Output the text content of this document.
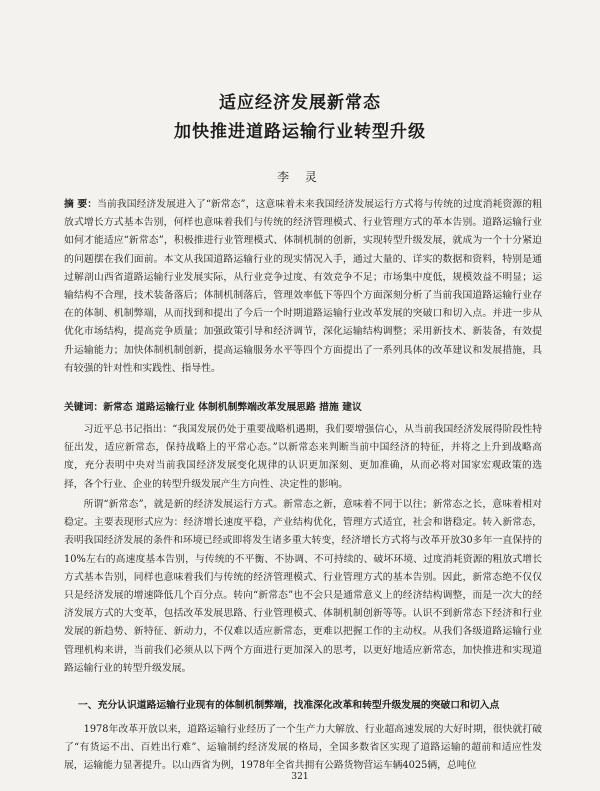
适应经济发展新常态
加快推进道路运输行业转型升级
李 灵
摘 要：当前我国经济发展进入了“新常态”，这意味着未来我国经济发展运行方式将与传统的过度消耗资源的粗放式增长方式基本告别，何样也意味着我们与传统的经济管理模式、行业管理方式的革本告别。道路运输行业如何才能适应“新常态”，积极推进行业管理模式、体制机制的创新，实现转型升级发展，就成为一个十分紧迫的问题摆在我们面前。本文从我国道路运输行业的现实情况入手，通过大量的、详实的数据和资料，特别是通过解剖山西省道路运输行业发展实际，从行业竞争过度、有效竞争不足；市场集中度低，规模效益不明显；运输结构不合理，技术装备落后；体制机制落后，管理效率低下等四个方面深刻分析了当前我国道路运输行业存在的体制、机制弊端，从而找到和提出了今后一个时期道路运输行业改革发展的突破口和切入点。并进一步从优化市场结构，提高竞争质量；加强政策引导和经济调节，深化运输结构调整；采用新技术、新装备，有效提升运输能力；加快体制机制创新，提高运输服务水平等四个方面提出了一系列具体的改革建议和发展措施，具有较强的针对性和实践性、指导性。
关键词：新常态 道路运输行业 体制机制弊端改革发展思路 措施 建议
习近平总书记指出：“我国发展仍处于重要战略机遇期，我们要增强信心，从当前我国经济发展得阶段性特征出发，适应新常态，保持战略上的平常心态。”以新常态来判断当前中国经济的特征，并将之上升到战略高度，充分表明中央对当前我国经济发展变化规律的认识更加深刻、更加准确，从而必将对国家宏观政策的选择，各个行业、企业的转型升级发展产生方向性、决定性的影响。
所谓“新常态”，就是新的经济发展运行方式。新常态之新，意味着不同于以往；新常态之长，意味着相对稳定。主要表现形式应为：经济增长速度平稳，产业结构优化，管理方式适宜，社会和谐稳定。转入新常态，表明我国经济发展的条件和环境已经或即将发生诸多重大转变，经济增长方式将与改革开放30多年一直保持的10%左右的高速度基本告别，与传统的不平衡、不协调、不可持续的、破坏环境、过度消耗资源的粗放式增长方式基本告别，同样也意味着我们与传统的经济管理模式、行业管理方式的基本告别。因此，新常态绝不仅仅只是经济发展的增速降低几个百分点。转向“新常态”也不会只是通常意义上的经济结构调整，而是一次大的经济发展方式的大变革，包括改革发展思路、行业管理模式、体制机制创新等等。认识不到新常态下经济和行业发展的新趋势、新特征、新动力，不仅难以适应新常态，更难以把握工作的主动权。从我们各级道路运输行业管理机构来讲，当前我们必须从以下两个方面进行更加深入的思考，以更好地适应新常态，加快推进和实现道路运输行业的转型升级发展。
一、充分认识道路运输行业现有的体制机制弊端，找准深化改革和转型升级发展的突破口和切入点
1978年改革开放以来，道路运输行业经历了一个生产力大解放、行业超高速发展的大好时期，很快就打破了“有货运不出、百姓出行难”、运输制约经济发展的格局，全国多数省区实现了道路运输的超前和适应性发展，运输能力显著提升。以山西省为例，1978年全省共拥有公路货物营运车辆4025辆，总吨位
321
